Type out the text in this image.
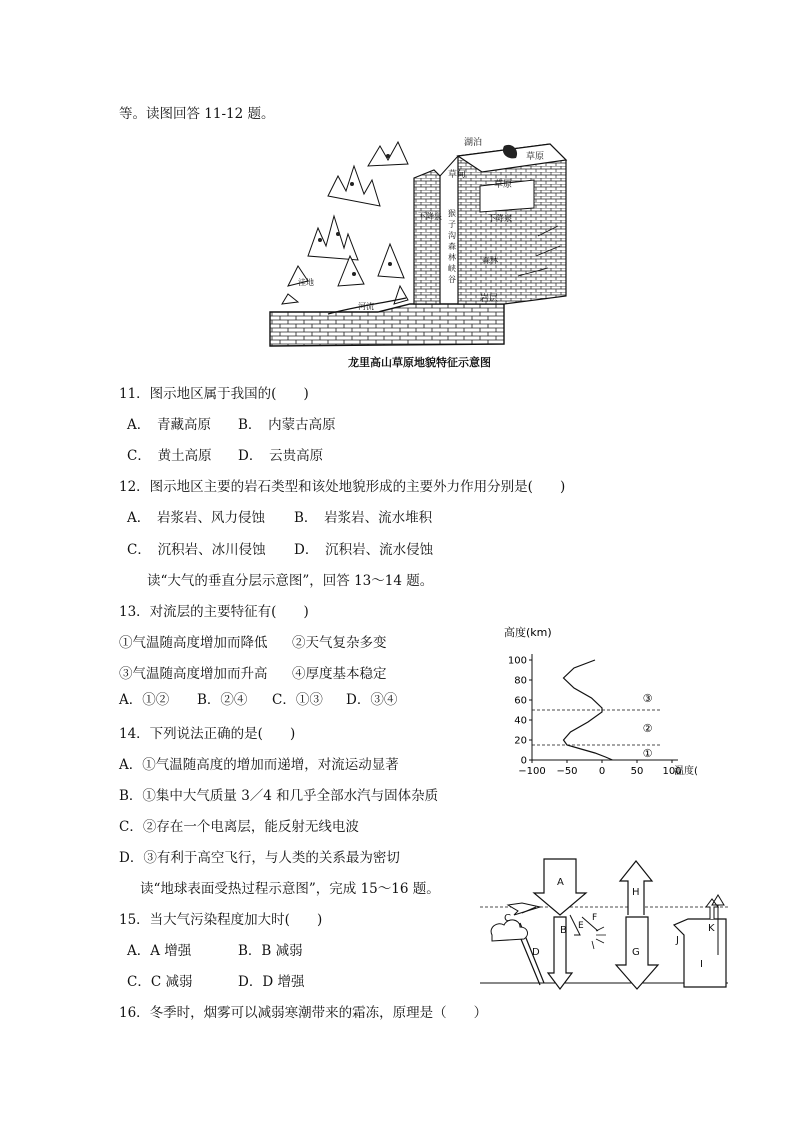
等。读图回答 11-12 题。
湖泊
草原
草原
草甸
下降泉	下降泉
猴子沟森林峡谷
洼地
河流
岩层
森林
龙里高山草原地貌特征示意图
11．图示地区属于我国的(　　)
A．　青藏高原 B．　内蒙古高原
C．　黄土高原 D．　云贵高原
12．图示地区主要的岩石类型和该处地貌形成的主要外力作用分别是(　　)
A．　岩浆岩、风力侵蚀 B．　岩浆岩、流水堆积
C．　沉积岩、冰川侵蚀 D．　沉积岩、流水侵蚀
读“大气的垂直分层示意图”，回答 13～14 题。
13．对流层的主要特征有(　　)
①气温随高度增加而降低 ②天气复杂多变
③气温随高度增加而升高 ④厚度基本稳定
A．①② B．②④ C．①③ D．③④
14．下列说法正确的是(　　)
A．①气温随高度的增加而递增，对流运动显著
B．①集中大气质量 3／4 和几乎全部水汽与固体杂质
C．②存在一个电离层，能反射无线电波
D．③有利于高空飞行，与人类的关系最为密切
高度(km)
0
20
40
60
80
100
−100 −50 0	50 100
温度(
①
②
③
读“地球表面受热过程示意图”，完成 15～16 题。	A
B
C
D
E
F
G
H
I
J
K
15．当大气污染程度加大时(　　)
A．A 增强	B．B 减弱
C．C 减弱	D．D 增强
16．冬季时，烟雾可以减弱寒潮带来的霜冻，原理是（　　）
